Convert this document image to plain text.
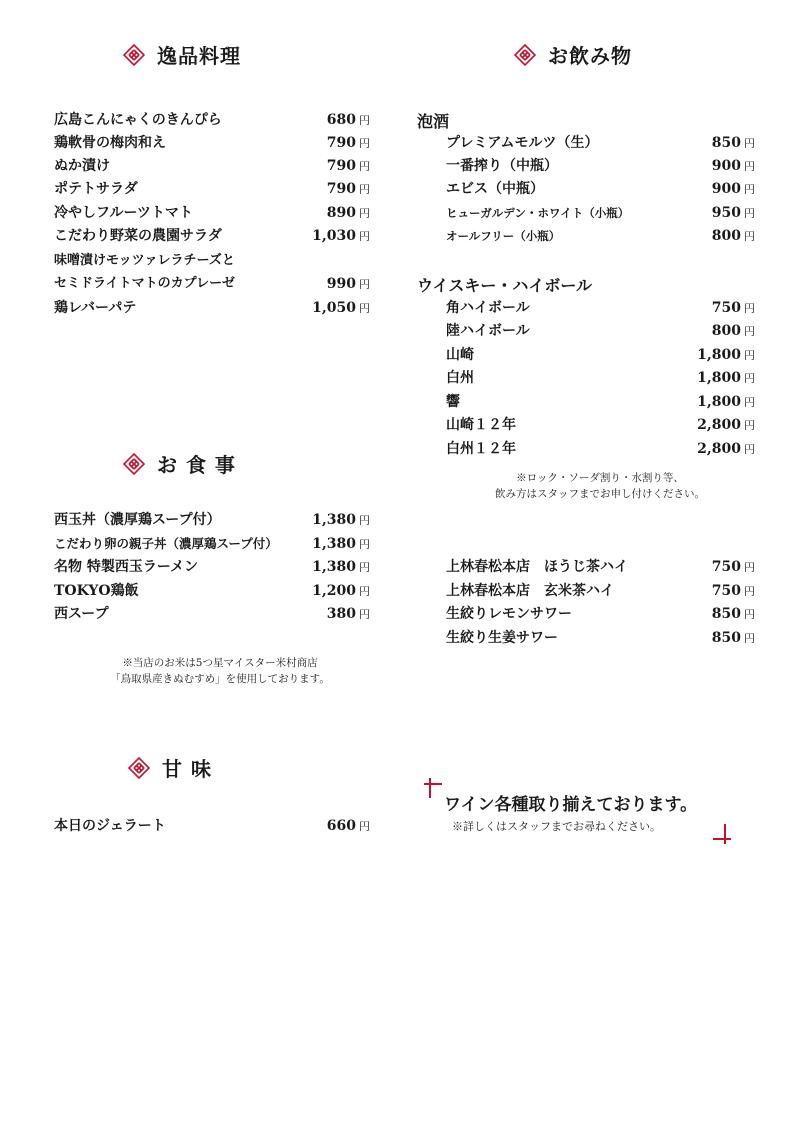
逸品料理
広島こんにゃくのきんぴら	680 円
鶏軟骨の梅肉和え	790 円
ぬか漬け	790 円
ポテトサラダ	790 円
冷やしフルーツトマト	890 円
こだわり野菜の農園サラダ	1,030 円
味噌漬けモッツァレラチーズと
セミドライトマトのカプレーゼ	990 円
鶏レバーパテ	1,050 円
お 食 事
西玉丼（濃厚鶏スープ付）	1,380 円
こだわり卵の親子丼（濃厚鶏スープ付） 1,380 円
名物 特製西玉ラーメン	1,380 円
TOKYO鶏飯	1,200 円
西スープ	380 円
※当店のお米は5つ星マイスター米村商店
「鳥取県産きぬむすめ」を使用しております。
甘 味
本日のジェラート	660 円
お飲み物
泡酒
プレミアムモルツ（生）	850 円
一番搾り（中瓶）	900 円
エビス（中瓶）	900 円
ヒューガルデン・ホワイト（小瓶）	950 円
オールフリー（小瓶）	800 円
ウイスキー・ハイボール
角ハイボール	750 円
陸ハイボール	800 円
山崎	1,800 円
白州	1,800 円
響	1,800 円
山崎１２年	2,800 円
白州１２年	2,800 円
※ロック・ソーダ割り・水割り等、
飲み方はスタッフまでお申し付けください。
上林春松本店　ほうじ茶ハイ	750 円
上林春松本店　玄米茶ハイ	750 円
生絞りレモンサワー	850 円
生絞り生姜サワー	850 円
ワイン各種取り揃えております。
※詳しくはスタッフまでお尋ねください。
